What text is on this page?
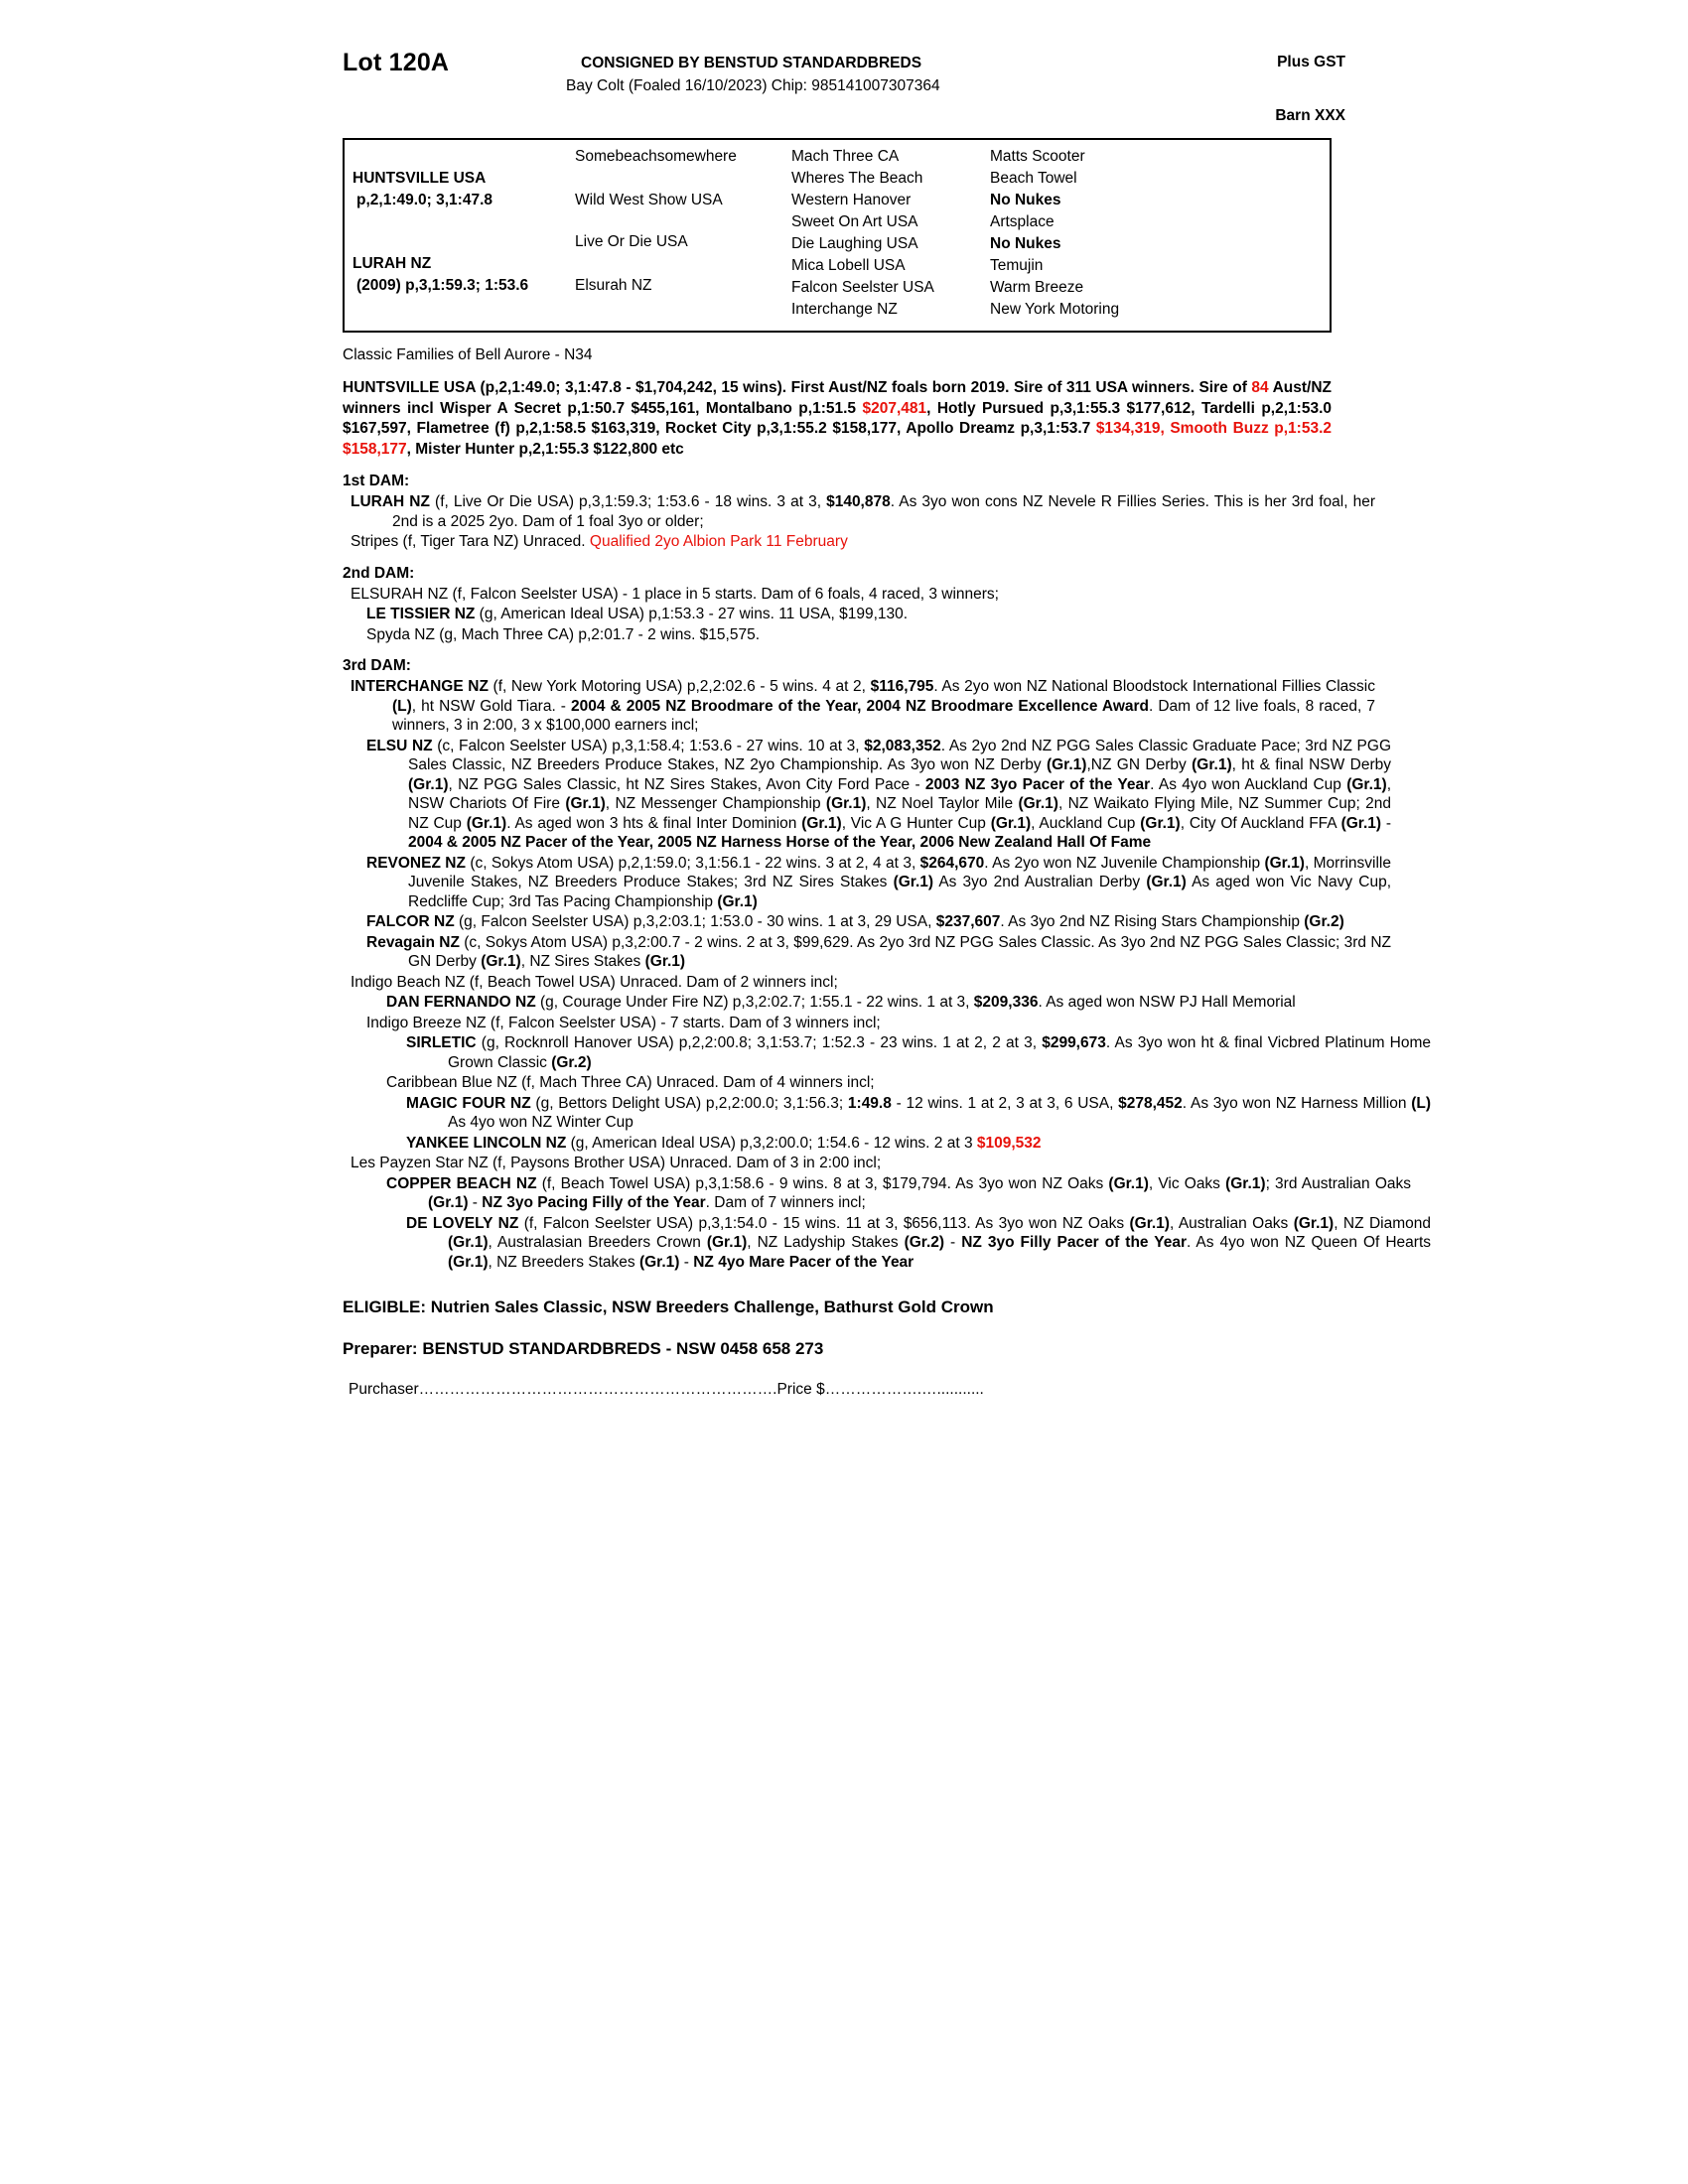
Lot 120A	CONSIGNED BY BENSTUD STANDARDBREDS
Bay Colt (Foaled 16/10/2023) Chip: 985141007307364
Plus GST
Barn XXX
HUNTSVILLE USA
p,2,1:49.0; 3,1:47.8
LURAH NZ
(2009) p,3,1:59.3; 1:53.6
Somebeachsomewhere
Wild West Show USA
Live Or Die USA
Elsurah NZ
Mach Three CA
Wheres The Beach
Western Hanover
Sweet On Art USA
Die Laughing USA
Mica Lobell USA
Falcon Seelster USA
Interchange NZ
Matts Scooter
Beach Towel
No Nukes
Artsplace
No Nukes
Temujin
Warm Breeze
New York Motoring
Classic Families of Bell Aurore - N34
HUNTSVILLE USA (p,2,1:49.0; 3,1:47.8 - $1,704,242, 15 wins). First Aust/NZ foals born 2019. Sire of 311 USA winners. Sire of 84 Aust/NZ winners incl Wisper A Secret p,1:50.7 $455,161, Montalbano p,1:51.5 $207,481, Hotly Pursued p,3,1:55.3 $177,612, Tardelli p,2,1:53.0 $167,597, Flametree (f) p,2,1:58.5 $163,319, Rocket City p,3,1:55.2 $158,177, Apollo Dreamz p,3,1:53.7 $134,319, Smooth Buzz p,1:53.2 $158,177, Mister Hunter p,2,1:55.3 $122,800 etc
1st DAM:
LURAH NZ (f, Live Or Die USA) p,3,1:59.3; 1:53.6 - 18 wins. 3 at 3, $140,878. As 3yo won cons NZ Nevele R Fillies Series. This is her 3rd foal, her 2nd is a 2025 2yo. Dam of 1 foal 3yo or older;
Stripes (f, Tiger Tara NZ) Unraced. Qualified 2yo Albion Park 11 February
2nd DAM:
ELSURAH NZ (f, Falcon Seelster USA) - 1 place in 5 starts. Dam of 6 foals, 4 raced, 3 winners;
LE TISSIER NZ (g, American Ideal USA) p,1:53.3 - 27 wins. 11 USA, $199,130.
Spyda NZ (g, Mach Three CA) p,2:01.7 - 2 wins. $15,575.
3rd DAM:
INTERCHANGE NZ (f, New York Motoring USA) p,2,2:02.6 - 5 wins. 4 at 2, $116,795. As 2yo won NZ National Bloodstock International Fillies Classic (L), ht NSW Gold Tiara. - 2004 & 2005 NZ Broodmare of the Year, 2004 NZ Broodmare Excellence Award. Dam of 12 live foals, 8 raced, 7 winners, 3 in 2:00, 3 x $100,000 earners incl;
ELSU NZ (c, Falcon Seelster USA) p,3,1:58.4; 1:53.6 - 27 wins. 10 at 3, $2,083,352. As 2yo 2nd NZ PGG Sales Classic Graduate Pace; 3rd NZ PGG Sales Classic, NZ Breeders Produce Stakes, NZ 2yo Championship. As 3yo won NZ Derby (Gr.1),NZ GN Derby (Gr.1), ht & final NSW Derby (Gr.1), NZ PGG Sales Classic, ht NZ Sires Stakes, Avon City Ford Pace - 2003 NZ 3yo Pacer of the Year. As 4yo won Auckland Cup (Gr.1), NSW Chariots Of Fire (Gr.1), NZ Messenger Championship (Gr.1), NZ Noel Taylor Mile (Gr.1), NZ Waikato Flying Mile, NZ Summer Cup; 2nd NZ Cup (Gr.1). As aged won 3 hts & final Inter Dominion (Gr.1), Vic A G Hunter Cup (Gr.1), Auckland Cup (Gr.1), City Of Auckland FFA (Gr.1) - 2004 & 2005 NZ Pacer of the Year, 2005 NZ Harness Horse of the Year, 2006 New Zealand Hall Of Fame
REVONEZ NZ (c, Sokys Atom USA) p,2,1:59.0; 3,1:56.1 - 22 wins. 3 at 2, 4 at 3, $264,670. As 2yo won NZ Juvenile Championship (Gr.1), Morrinsville Juvenile Stakes, NZ Breeders Produce Stakes; 3rd NZ Sires Stakes (Gr.1) As 3yo 2nd Australian Derby (Gr.1) As aged won Vic Navy Cup, Redcliffe Cup; 3rd Tas Pacing Championship (Gr.1)
FALCOR NZ (g, Falcon Seelster USA) p,3,2:03.1; 1:53.0 - 30 wins. 1 at 3, 29 USA, $237,607. As 3yo 2nd NZ Rising Stars Championship (Gr.2)
Revagain NZ (c, Sokys Atom USA) p,3,2:00.7 - 2 wins. 2 at 3, $99,629. As 2yo 3rd NZ PGG Sales Classic. As 3yo 2nd NZ PGG Sales Classic; 3rd NZ GN Derby (Gr.1), NZ Sires Stakes (Gr.1)
Indigo Beach NZ (f, Beach Towel USA) Unraced. Dam of 2 winners incl;
DAN FERNANDO NZ (g, Courage Under Fire NZ) p,3,2:02.7; 1:55.1 - 22 wins. 1 at 3, $209,336. As aged won NSW PJ Hall Memorial
Indigo Breeze NZ (f, Falcon Seelster USA) - 7 starts. Dam of 3 winners incl;
SIRLETIC (g, Rocknroll Hanover USA) p,2,2:00.8; 3,1:53.7; 1:52.3 - 23 wins. 1 at 2, 2 at 3, $299,673. As 3yo won ht & final Vicbred Platinum Home Grown Classic (Gr.2)
Caribbean Blue NZ (f, Mach Three CA) Unraced. Dam of 4 winners incl;
MAGIC FOUR NZ (g, Bettors Delight USA) p,2,2:00.0; 3,1:56.3; 1:49.8 - 12 wins. 1 at 2, 3 at 3, 6 USA, $278,452. As 3yo won NZ Harness Million (L) As 4yo won NZ Winter Cup
YANKEE LINCOLN NZ (g, American Ideal USA) p,3,2:00.0; 1:54.6 - 12 wins. 2 at 3 $109,532
Les Payzen Star NZ (f, Paysons Brother USA) Unraced. Dam of 3 in 2:00 incl;
COPPER BEACH NZ (f, Beach Towel USA) p,3,1:58.6 - 9 wins. 8 at 3, $179,794. As 3yo won NZ Oaks (Gr.1), Vic Oaks (Gr.1); 3rd Australian Oaks (Gr.1) - NZ 3yo Pacing Filly of the Year. Dam of 7 winners incl;
DE LOVELY NZ (f, Falcon Seelster USA) p,3,1:54.0 - 15 wins. 11 at 3, $656,113. As 3yo won NZ Oaks (Gr.1), Australian Oaks (Gr.1), NZ Diamond (Gr.1), Australasian Breeders Crown (Gr.1), NZ Ladyship Stakes (Gr.2) - NZ 3yo Filly Pacer of the Year. As 4yo won NZ Queen Of Hearts (Gr.1), NZ Breeders Stakes (Gr.1) - NZ 4yo Mare Pacer of the Year
ELIGIBLE: Nutrien Sales Classic, NSW Breeders Challenge, Bathurst Gold Crown
Preparer: BENSTUD STANDARDBREDS - NSW 0458 658 273
Purchaser…………………………………………………………….Price $……………….…...........
